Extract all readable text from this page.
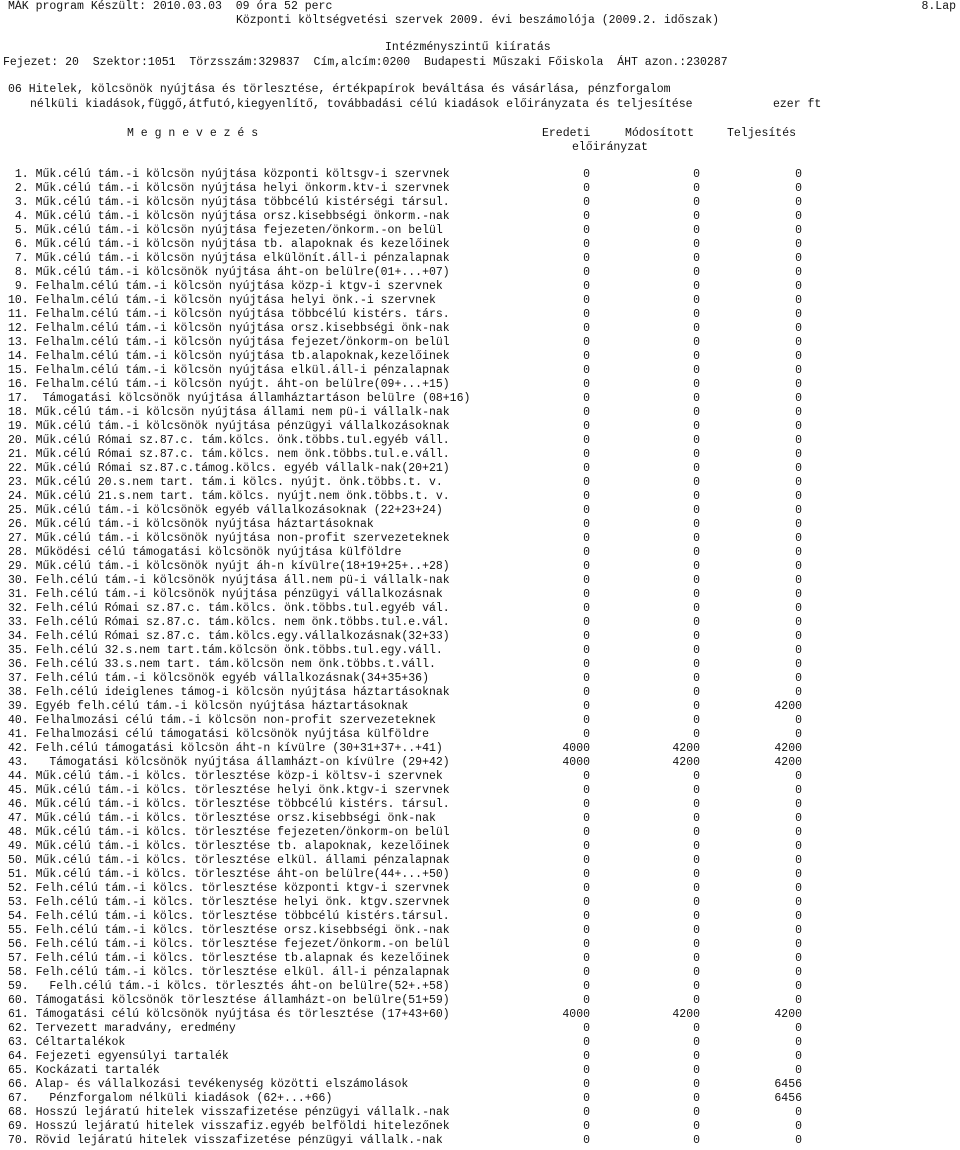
MÁK program Készült: 2010.03.03  09 óra 52 perc	8.Lap
Központi költségvetési szervek 2009. évi beszámolója (2009.2. időszak)
Intézményszintű kiíratás
Fejezet: 20  Szektor:1051  Törzsszám:329837  Cím,alcím:0200  Budapesti Műszaki Főiskola  ÁHT azon.:230287
06 Hitelek, kölcsönök nyújtása és törlesztése, értékpapírok beváltása és vásárlása, pénzforgalom
nélküli kiadások,függő,átfutó,kiegyenlítő, továbbadási célú kiadások előirányzata és teljesítése	ezer ft
M e g n e v e z é s	Eredeti	Módosított	Teljesítés
előirányzat
1. Műk.célú tám.-i kölcsön nyújtása központi költsgv-i szervnek	0	0	0
2. Műk.célú tám.-i kölcsön nyújtása helyi önkorm.ktv-i szervnek	0	0	0
3. Műk.célú tám.-i kölcsön nyújtása többcélú kistérségi társul.	0	0	0
4. Műk.célú tám.-i kölcsön nyújtása orsz.kisebbségi önkorm.-nak	0	0	0
5. Műk.célú tám.-i kölcsön nyújtása fejezeten/önkorm.-on belül	0	0	0
6. Műk.célú tám.-i kölcsön nyújtása tb. alapoknak és kezelőinek	0	0	0
7. Műk.célú tám.-i kölcsön nyújtása elkülönít.áll-i pénzalapnak	0	0	0
8. Műk.célú tám.-i kölcsönök nyújtása áht-on belülre(01+...+07)	0	0	0
9. Felhalm.célú tám.-i kölcsön nyújtása közp-i ktgv-i szervnek	0	0	0
10. Felhalm.célú tám.-i kölcsön nyújtása helyi önk.-i szervnek	0	0	0
11. Felhalm.célú tám.-i kölcsön nyújtása többcélú kistérs. társ.	0	0	0
12. Felhalm.célú tám.-i kölcsön nyújtása orsz.kisebbségi önk-nak	0	0	0
13. Felhalm.célú tám.-i kölcsön nyújtása fejezet/önkorm-on belül	0	0	0
14. Felhalm.célú tám.-i kölcsön nyújtása tb.alapoknak,kezelőinek	0	0	0
15. Felhalm.célú tám.-i kölcsön nyújtása elkül.áll-i pénzalapnak	0	0	0
16. Felhalm.célú tám.-i kölcsön nyújt. áht-on belülre(09+...+15)	0	0	0
17.  Támogatási kölcsönök nyújtása államháztartáson belülre (08+16)	0	0	0
18. Műk.célú tám.-i kölcsön nyújtása állami nem pü-i vállalk-nak	0	0	0
19. Műk.célú tám.-i kölcsönök nyújtása pénzügyi vállalkozásoknak	0	0	0
20. Műk.célú Római sz.87.c. tám.kölcs. önk.többs.tul.egyéb váll.	0	0	0
21. Műk.célú Római sz.87.c. tám.kölcs. nem önk.többs.tul.e.váll.	0	0	0
22. Műk.célú Római sz.87.c.támog.kölcs. egyéb vállalk-nak(20+21)	0	0	0
23. Műk.célú 20.s.nem tart. tám.i kölcs. nyújt. önk.többs.t. v.	0	0	0
24. Műk.célú 21.s.nem tart. tám.kölcs. nyújt.nem önk.többs.t. v.	0	0	0
25. Műk.célú tám.-i kölcsönök egyéb vállalkozásoknak (22+23+24)	0	0	0
26. Műk.célú tám.-i kölcsönök nyújtása háztartásoknak	0	0	0
27. Műk.célú tám.-i kölcsönök nyújtása non-profit szervezeteknek	0	0	0
28. Működési célú támogatási kölcsönök nyújtása külföldre	0	0	0
29. Műk.célú tám.-i kölcsönök nyújt áh-n kívülre(18+19+25+..+28)	0	0	0
30. Felh.célú tám.-i kölcsönök nyújtása áll.nem pü-i vállalk-nak	0	0	0
31. Felh.célú tám.-i kölcsönök nyújtása pénzügyi vállalkozásnak	0	0	0
32. Felh.célú Római sz.87.c. tám.kölcs. önk.többs.tul.egyéb vál.	0	0	0
33. Felh.célú Római sz.87.c. tám.kölcs. nem önk.többs.tul.e.vál.	0	0	0
34. Felh.célú Római sz.87.c. tám.kölcs.egy.vállalkozásnak(32+33)	0	0	0
35. Felh.célú 32.s.nem tart.tám.kölcsön önk.többs.tul.egy.váll.	0	0	0
36. Felh.célú 33.s.nem tart. tám.kölcsön nem önk.többs.t.váll.	0	0	0
37. Felh.célú tám.-i kölcsönök egyéb vállalkozásnak(34+35+36)	0	0	0
38. Felh.célú ideiglenes támog-i kölcsön nyújtása háztartásoknak	0	0	0
39. Egyéb felh.célú tám.-i kölcsön nyújtása háztartásoknak	0	0	4200
40. Felhalmozási célú tám.-i kölcsön non-profit szervezeteknek	0	0	0
41. Felhalmozási célú támogatási kölcsönök nyújtása külföldre	0	0	0
42. Felh.célú támogatási kölcsön áht-n kívülre (30+31+37+..+41)	4000	4200	4200
43.   Támogatási kölcsönök nyújtása államházt-on kívülre (29+42)	4000	4200	4200
44. Műk.célú tám.-i kölcs. törlesztése közp-i költsv-i szervnek	0	0	0
45. Műk.célú tám.-i kölcs. törlesztése helyi önk.ktgv-i szervnek	0	0	0
46. Műk.célú tám.-i kölcs. törlesztése többcélú kistérs. társul.	0	0	0
47. Műk.célú tám.-i kölcs. törlesztése orsz.kisebbségi önk-nak	0	0	0
48. Műk.célú tám.-i kölcs. törlesztése fejezeten/önkorm-on belül	0	0	0
49. Műk.célú tám.-i kölcs. törlesztése tb. alapoknak, kezelőinek	0	0	0
50. Műk.célú tám.-i kölcs. törlesztése elkül. állami pénzalapnak	0	0	0
51. Műk.célú tám.-i kölcs. törlesztése áht-on belülre(44+...+50)	0	0	0
52. Felh.célú tám.-i kölcs. törlesztése központi ktgv-i szervnek	0	0	0
53. Felh.célú tám.-i kölcs. törlesztése helyi önk. ktgv.szervnek	0	0	0
54. Felh.célú tám.-i kölcs. törlesztése többcélú kistérs.társul.	0	0	0
55. Felh.célú tám.-i kölcs. törlesztése orsz.kisebbségi önk.-nak	0	0	0
56. Felh.célú tám.-i kölcs. törlesztése fejezet/önkorm.-on belül	0	0	0
57. Felh.célú tám.-i kölcs. törlesztése tb.alapnak és kezelőinek	0	0	0
58. Felh.célú tám.-i kölcs. törlesztése elkül. áll-i pénzalapnak	0	0	0
59.   Felh.célú tám.-i kölcs. törlesztés áht-on belülre(52+.+58)	0	0	0
60. Támogatási kölcsönök törlesztése államházt-on belülre(51+59)	0	0	0
61. Támogatási célú kölcsönök nyújtása és törlesztése (17+43+60)	4000	4200	4200
62. Tervezett maradvány, eredmény	0	0	0
63. Céltartalékok	0	0	0
64. Fejezeti egyensúlyi tartalék	0	0	0
65. Kockázati tartalék	0	0	0
66. Alap- és vállalkozási tevékenység közötti elszámolások	0	0	6456
67.   Pénzforgalom nélküli kiadások (62+...+66)	0	0	6456
68. Hosszú lejáratú hitelek visszafizetése pénzügyi vállalk.-nak	0	0	0
69. Hosszú lejáratú hitelek visszafiz.egyéb belföldi hitelezőnek	0	0	0
70. Rövid lejáratú hitelek visszafizetése pénzügyi vállalk.-nak	0	0	0
